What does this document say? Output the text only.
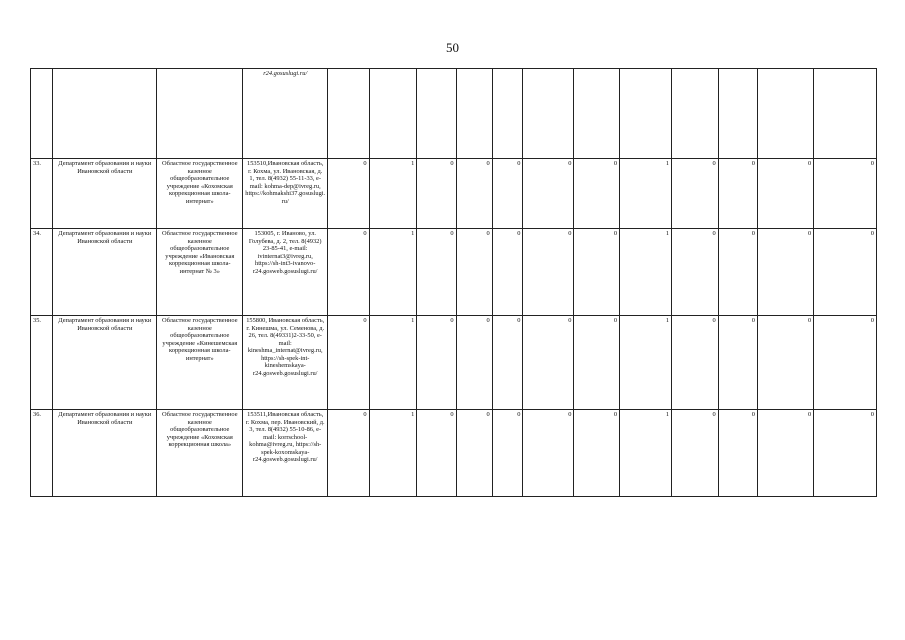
50
			r24.gosuslugi.ru/												
33.	Департамент образования и науки Ивановской области	Областное государственное казенное общеобразовательное учреждение «Кохомская коррекционная школа-интернат»	153510,Ивановская область, г. Кохма, ул. Ивановская, д. 1, тел. 8(4932) 55-11-33, e-mail: kohma-dep@ivreg.ru, https://kohmakshi37.gosuslugi.ru/	0	1	0	0	0	0	0	1	0	0	0	0
34.	Департамент образования и науки Ивановской области	Областное государственное казенное общеобразовательное учреждение «Ивановская коррекционная школа-интернат № 3»	153005, г. Иваново, ул. Голубева, д. 2, тел. 8(4932) 23-85-41, e-mail: ivinternat3@ivreg.ru, https://sh-int3-ivanovo-r24.gosweb.gosuslugi.ru/	0	1	0	0	0	0	0	1	0	0	0	0
35.	Департамент образования и науки Ивановской области	Областное государственное казенное общеобразовательное учреждение «Кинешемская коррекционная школа-интернат»	155800, Ивановская область, г. Кинешма, ул. Семенова, д. 26, тел. 8(49331)2-33-50, e-mail: kineshma_internat@ivreg.ru, https://sh-spek-int-kineshemskaya-r24.gosweb.gosuslugi.ru/	0	1	0	0	0	0	0	1	0	0	0	0
36.	Департамент образования и науки Ивановской области	Областное государственное казенное общеобразовательное учреждение «Кохомская коррекционная школа»	153511,Ивановская область, г. Кохма, пер. Ивановский, д. 3, тел. 8(4932) 55-10-86, e-mail: korrschool-kohma@ivreg.ru, https://sh-spek-koxomskaya-r24.gosweb.gosuslugi.ru/	0	1	0	0	0	0	0	1	0	0	0	0
